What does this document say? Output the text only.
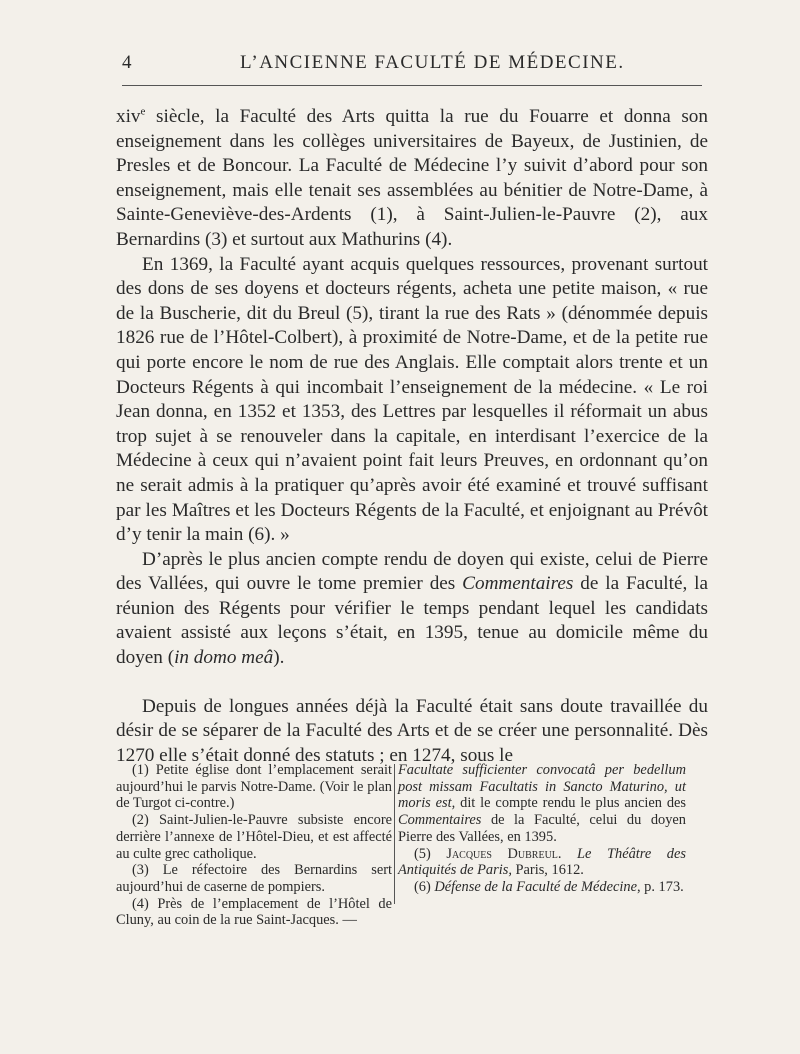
4	L’ANCIENNE FACULTÉ DE MÉDECINE.

xiv$^e$ siècle, la Faculté des Arts quitta la rue du Fouarre et donna son enseignement dans les collèges universitaires de Bayeux, de Justinien, de Presles et de Boncour. La Faculté de Médecine l’y suivit d’abord pour son enseignement, mais elle tenait ses assemblées au bénitier de Notre-Dame, à Sainte-Geneviève-des-Ardents (1), à Saint-Julien-le-Pauvre (2), aux Bernardins (3) et surtout aux Mathurins (4).

En 1369, la Faculté ayant acquis quelques ressources, provenant surtout des dons de ses doyens et docteurs régents, acheta une petite maison, « rue de la Buscherie, dit du Breul (5), tirant la rue des Rats » (dénommée depuis 1826 rue de l’Hôtel-Colbert), à proximité de Notre-Dame, et de la petite rue qui porte encore le nom de rue des Anglais. Elle comptait alors trente et un Docteurs Régents à qui incombait l’enseignement de la médecine. « Le roi Jean donna, en 1352 et 1353, des Lettres par lesquelles il réformait un abus trop sujet à se renouveler dans la capitale, en interdisant l’exercice de la Médecine à ceux qui n’avaient point fait leurs Preuves, en ordonnant qu’on ne serait admis à la pratiquer qu’après avoir été examiné et trouvé suffisant par les Maîtres et les Docteurs Régents de la Faculté, et enjoignant au Prévôt d’y tenir la main (6). »

D’après le plus ancien compte rendu de doyen qui existe, celui de Pierre des Vallées, qui ouvre le tome premier des Commentaires de la Faculté, la réunion des Régents pour vérifier le temps pendant lequel les candidats avaient assisté aux leçons s’était, en 1395, tenue au domicile même du doyen (in domo meâ).

Depuis de longues années déjà la Faculté était sans doute travaillée du désir de se séparer de la Faculté des Arts et de se créer une personnalité. Dès 1270 elle s’était donné des statuts ; en 1274, sous le

(1) Petite église dont l’emplacement serait aujourd’hui le parvis Notre-Dame. (Voir le plan de Turgot ci-contre.)

(2) Saint-Julien-le-Pauvre subsiste encore derrière l’annexe de l’Hôtel-Dieu, et est affecté au culte grec catholique.

(3) Le réfectoire des Bernardins sert aujourd’hui de caserne de pompiers.

(4) Près de l’emplacement de l’Hôtel de Cluny, au coin de la rue Saint-Jacques. —

Facultate sufficienter convocatâ per bedellum post missam Facultatis in Sancto Maturino, ut moris est, dit le compte rendu le plus ancien des Commentaires de la Faculté, celui du doyen Pierre des Vallées, en 1395.

(5) Jacques Dubreul. Le Théâtre des Antiquités de Paris, Paris, 1612.

(6) Défense de la Faculté de Médecine, p. 173.
